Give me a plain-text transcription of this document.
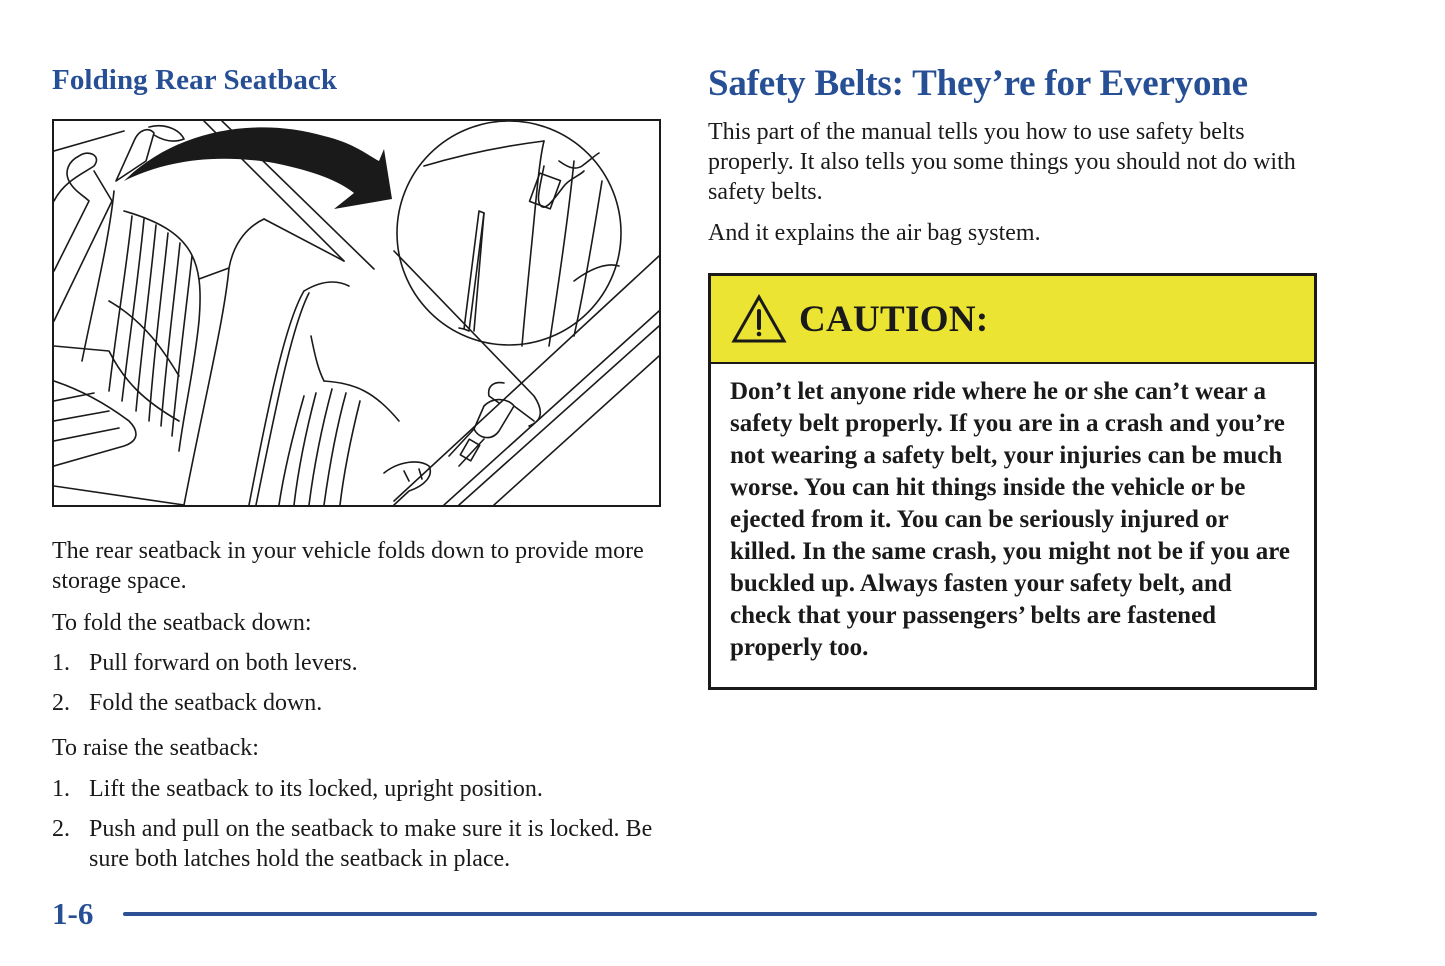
Folding Rear Seatback

The rear seatback in your vehicle folds down to provide more storage space.

To fold the seatback down:

1. Pull forward on both levers.
2. Fold the seatback down.

To raise the seatback:

1. Lift the seatback to its locked, upright position.
2. Push and pull on the seatback to make sure it is locked. Be sure both latches hold the seatback in place.
Safety Belts: They’re for Everyone

This part of the manual tells you how to use safety belts properly. It also tells you some things you should not do with safety belts.

And it explains the air bag system.

CAUTION:
Don’t let anyone ride where he or she can’t wear a safety belt properly. If you are in a crash and you’re not wearing a safety belt, your injuries can be much worse. You can hit things inside the vehicle or be ejected from it. You can be seriously injured or killed. In the same crash, you might not be if you are buckled up. Always fasten your safety belt, and check that your passengers’ belts are fastened properly too.
1-6
